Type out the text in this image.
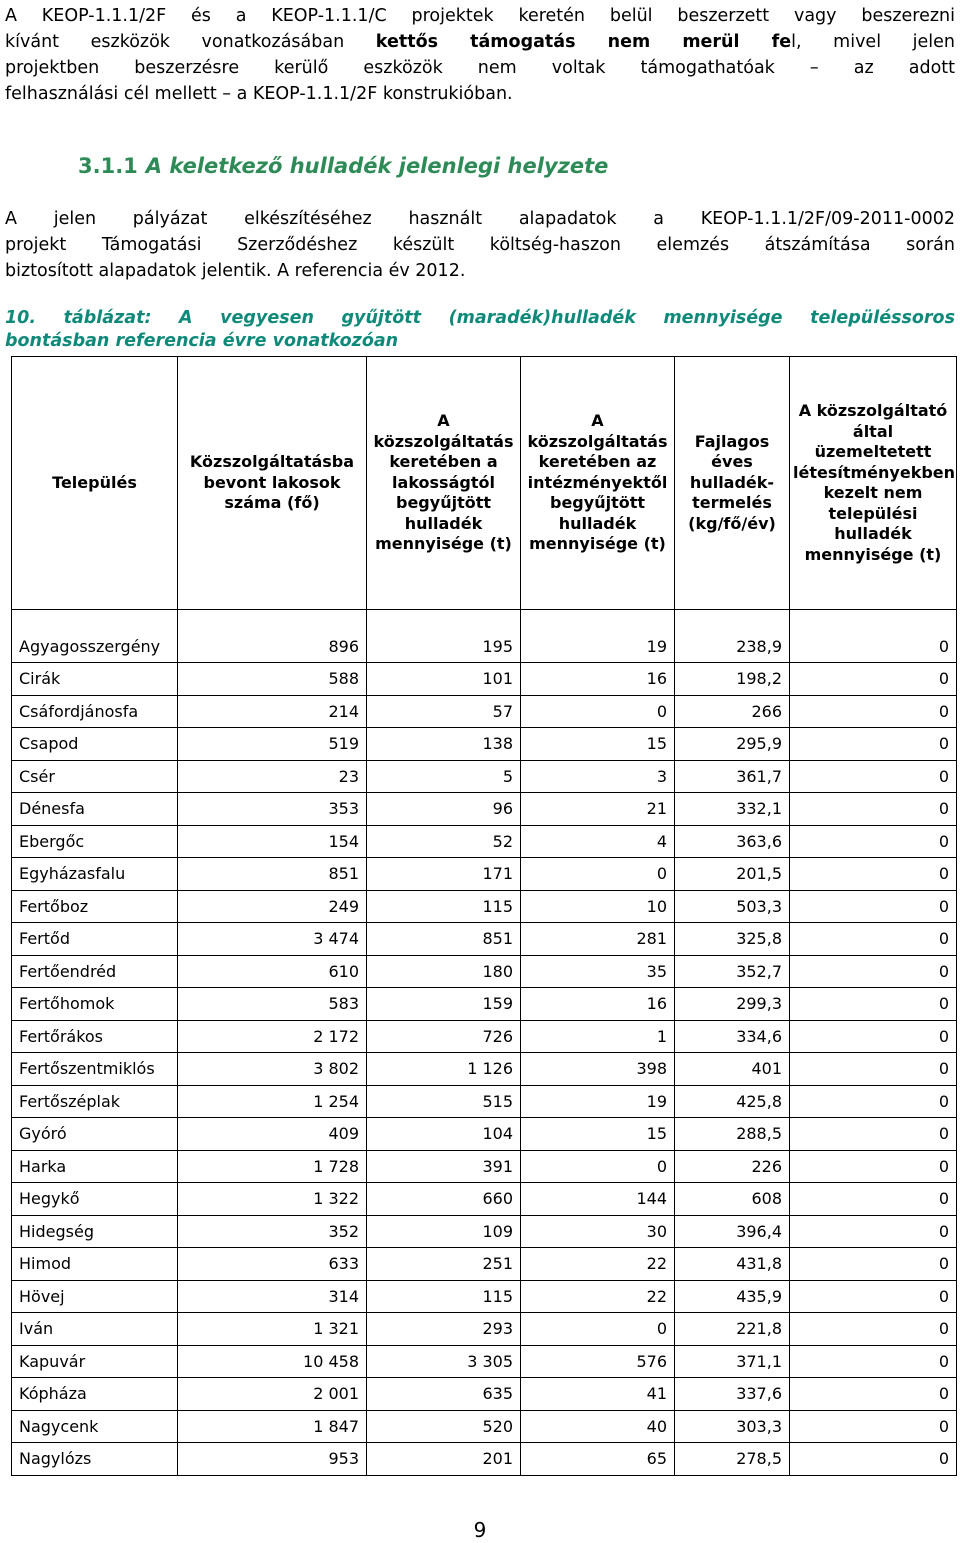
A KEOP-1.1.1/2F és a KEOP-1.1.1/C projektek keretén belül beszerzett vagy beszerezni
kívánt eszközök vonatkozásában kettős támogatás nem merül fel, mivel jelen
projektben beszerzésre kerülő eszközök nem voltak támogathatóak – az adott
felhasználási cél mellett – a KEOP-1.1.1/2F konstrukióban.
3.1.1 A keletkező hulladék jelenlegi helyzete
A jelen pályázat elkészítéséhez használt alapadatok a KEOP-1.1.1/2F/09-2011-0002
projekt Támogatási Szerződéshez készült költség-haszon elemzés átszámítása során
biztosított alapadatok jelentik. A referencia év 2012.
10. táblázat: A vegyesen gyűjtött (maradék)hulladék mennyisége településsoros
bontásban referencia évre vonatkozóan
Település	Közszolgáltatásba bevont lakosok száma (fő)	A közszolgáltatás keretében a lakosságtól begyűjtött hulladék mennyisége (t)	A közszolgáltatás keretében az intézményektől begyűjtött hulladék mennyisége (t)	Fajlagos éves hulladék-termelés (kg/fő/év)	A közszolgáltató által üzemeltetett létesítményekben kezelt nem települési hulladék mennyisége (t)
Agyagosszergény	896	195	19	238,9	0
Cirák	588	101	16	198,2	0
Csáfordjánosfa	214	57	0	266	0
Csapod	519	138	15	295,9	0
Csér	23	5	3	361,7	0
Dénesfa	353	96	21	332,1	0
Ebergőc	154	52	4	363,6	0
Egyházasfalu	851	171	0	201,5	0
Fertőboz	249	115	10	503,3	0
Fertőd	3 474	851	281	325,8	0
Fertőendréd	610	180	35	352,7	0
Fertőhomok	583	159	16	299,3	0
Fertőrákos	2 172	726	1	334,6	0
Fertőszentmiklós	3 802	1 126	398	401	0
Fertőszéplak	1 254	515	19	425,8	0
Gyóró	409	104	15	288,5	0
Harka	1 728	391	0	226	0
Hegykő	1 322	660	144	608	0
Hidegség	352	109	30	396,4	0
Himod	633	251	22	431,8	0
Hövej	314	115	22	435,9	0
Iván	1 321	293	0	221,8	0
Kapuvár	10 458	3 305	576	371,1	0
Kópháza	2 001	635	41	337,6	0
Nagycenk	1 847	520	40	303,3	0
Nagylózs	953	201	65	278,5	0
9
